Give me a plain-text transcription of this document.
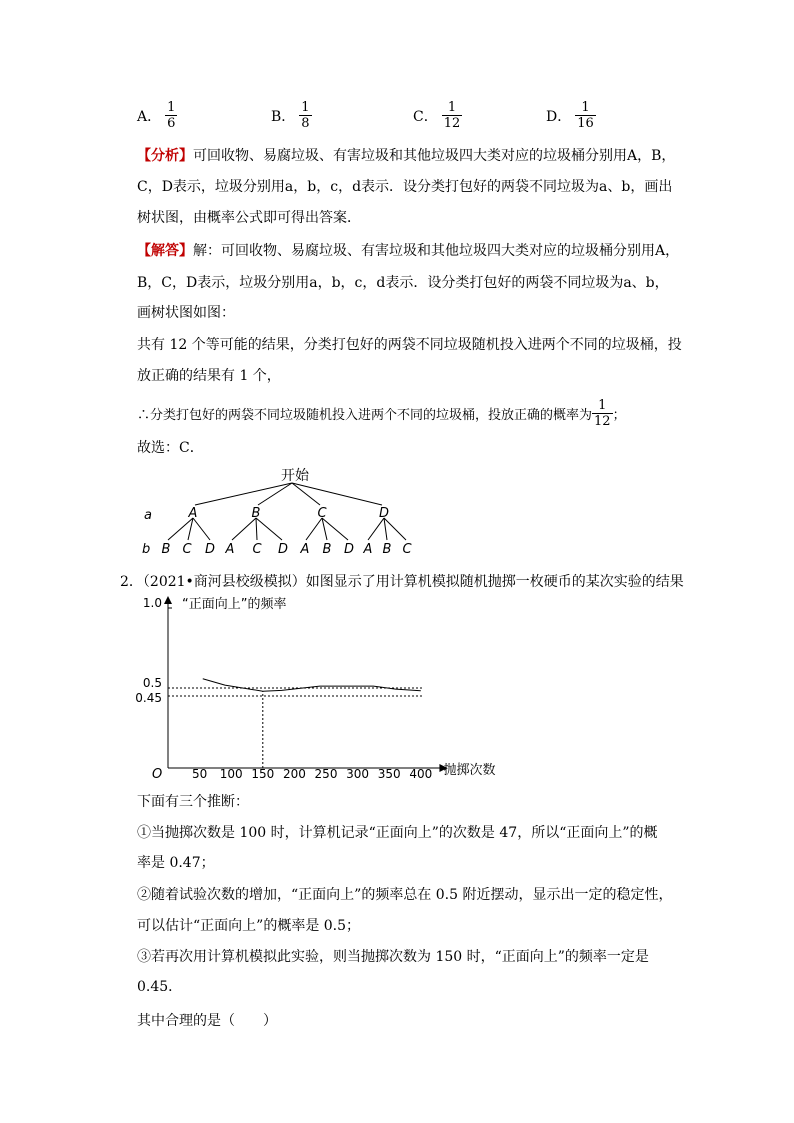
A． $\frac{1}{6}$	B． $\frac{1}{8}$	C． $\frac{1}{12}$	D． $\frac{1}{16}$
【分析】可回收物、易腐垃圾、有害垃圾和其他垃圾四大类对应的垃圾桶分别用A，B，
C，D表示，垃圾分别用a，b，c，d表示．设分类打包好的两袋不同垃圾为a、b，画出
树状图，由概率公式即可得出答案．
【解答】解：可回收物、易腐垃圾、有害垃圾和其他垃圾四大类对应的垃圾桶分别用A，
B，C，D表示，垃圾分别用a，b，c，d表示．设分类打包好的两袋不同垃圾为a、b，
画树状图如图：
共有 12 个等可能的结果，分类打包好的两袋不同垃圾随机投入进两个不同的垃圾桶，投
放正确的结果有 1 个，
∴分类打包好的两袋不同垃圾随机投入进两个不同的垃圾桶，投放正确的概率为 $\frac{1}{12}$ ；
故选：C．
开始
a
b
A	B	C	D
B C D A C D A B D A B C
2．（2021•商河县校级模拟）如图显示了用计算机模拟随机抛掷一枚硬币的某次实验的结果
“正面向上”的频率
抛掷次数
O 50 100 150 200 250 300 350 400
1.0
0.5
0.45
下面有三个推断：
①当抛掷次数是 100 时，计算机记录“正面向上”的次数是 47，所以“正面向上”的概
率是 0.47；
②随着试验次数的增加，“正面向上”的频率总在 0.5 附近摆动，显示出一定的稳定性，
可以估计“正面向上”的概率是 0.5；
③若再次用计算机模拟此实验，则当抛掷次数为 150 时，“正面向上”的频率一定是
0.45．
其中合理的是（　　）
